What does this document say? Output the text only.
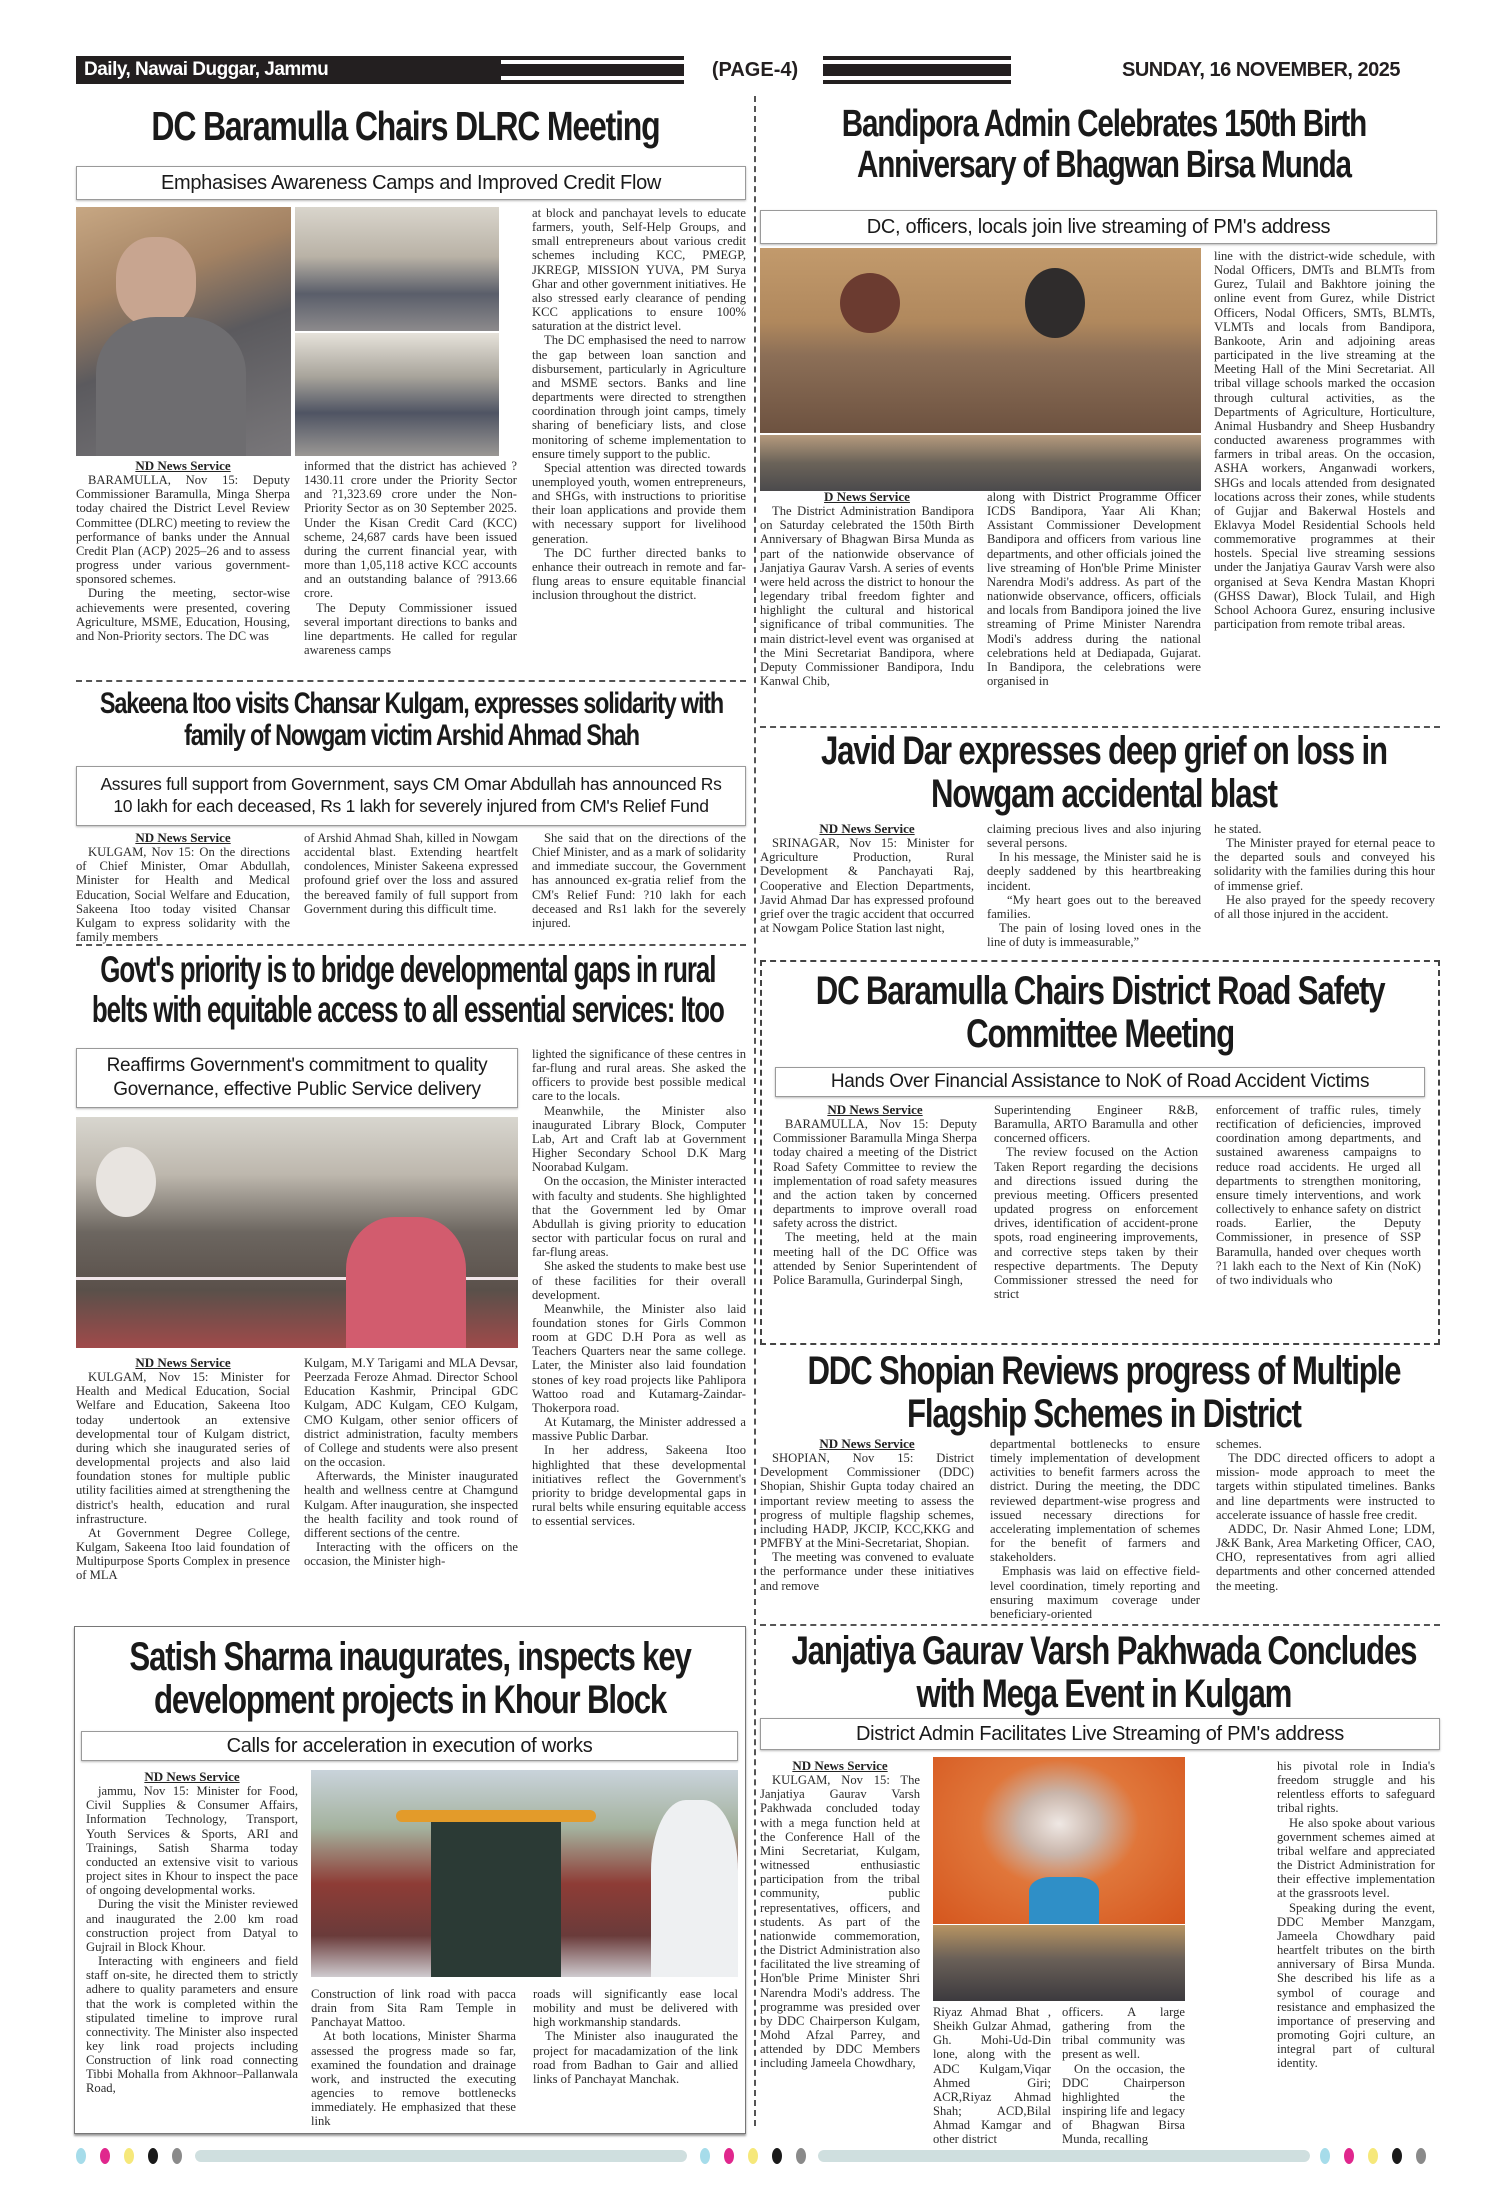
Daily, Nawai Duggar, Jammu	(PAGE-4)	SUNDAY, 16 NOVEMBER, 2025
DC Baramulla Chairs DLRC Meeting
Emphasises Awareness Camps and Improved Credit Flow

ND News Service

BARAMULLA, Nov 15: Deputy Commissioner Baramulla, Minga Sherpa today chaired the District Level Review Committee (DLRC) meeting to review the performance of banks under the Annual Credit Plan (ACP) 2025–26 and to assess progress under various government-sponsored schemes.

During the meeting, sector-wise achievements were presented, covering Agriculture, MSME, Education, Housing, and Non-Priority sectors. The DC was

informed that the district has achieved ?1430.11 crore under the Priority Sector and ?1,323.69 crore under the Non-Priority Sector as on 30 September 2025. Under the Kisan Credit Card (KCC) scheme, 24,687 cards have been issued during the current financial year, with more than 1,05,118 active KCC accounts and an outstanding balance of ?913.66 crore.

The Deputy Commissioner issued several important directions to banks and line departments. He called for regular awareness camps

at block and panchayat levels to educate farmers, youth, Self-Help Groups, and small entrepreneurs about various credit schemes including KCC, PMEGP, JKREGP, MISSION YUVA, PM Surya Ghar and other government initiatives. He also stressed early clearance of pending KCC applications to ensure 100% saturation at the district level.

The DC emphasised the need to narrow the gap between loan sanction and disbursement, particularly in Agriculture and MSME sectors. Banks and line departments were directed to strengthen coordination through joint camps, timely sharing of beneficiary lists, and close monitoring of scheme implementation to ensure timely support to the public.

Special attention was directed towards unemployed youth, women entrepreneurs, and SHGs, with instructions to prioritise their loan applications and provide them with necessary support for livelihood generation.

The DC further directed banks to enhance their outreach in remote and far-flung areas to ensure equitable financial inclusion throughout the district.

Bandipora Admin Celebrates 150th Birth Anniversary of Bhagwan Birsa Munda
DC, officers, locals join live streaming of PM's address

D News Service

The District Administration Bandipora on Saturday celebrated the 150th Birth Anniversary of Bhagwan Birsa Munda as part of the nationwide observance of Janjatiya Gaurav Varsh. A series of events were held across the district to honour the legendary tribal freedom fighter and highlight the cultural and historical significance of tribal communities. The main district-level event was organised at the Mini Secretariat Bandipora, where Deputy Commissioner Bandipora, Indu Kanwal Chib,

along with District Programme Officer ICDS Bandipora, Yaar Ali Khan; Assistant Commissioner Development Bandipora and officers from various line departments, and other officials joined the live streaming of Hon'ble Prime Minister Narendra Modi's address. As part of the nationwide observance, officers, officials and locals from Bandipora joined the live streaming of Prime Minister Narendra Modi's address during the national celebrations held at Dediapada, Gujarat. In Bandipora, the celebrations were organised in

line with the district-wide schedule, with Nodal Officers, DMTs and BLMTs from Gurez, Tulail and Bakhtore joining the online event from Gurez, while District Officers, Nodal Officers, SMTs, BLMTs, VLMTs and locals from Bandipora, Bankoote, Arin and adjoining areas participated in the live streaming at the Meeting Hall of the Mini Secretariat. All tribal village schools marked the occasion through cultural activities, as the Departments of Agriculture, Horticulture, Animal Husbandry and Sheep Husbandry conducted awareness programmes with farmers in tribal areas. On the occasion, ASHA workers, Anganwadi workers, SHGs and locals attended from designated locations across their zones, while students of Gujjar and Bakerwal Hostels and Eklavya Model Residential Schools held commemorative programmes at their hostels. Special live streaming sessions under the Janjatiya Gaurav Varsh were also organised at Seva Kendra Mastan Khopri (GHSS Dawar), Block Tulail, and High School Achoora Gurez, ensuring inclusive participation from remote tribal areas.

Sakeena Itoo visits Chansar Kulgam, expresses solidarity with family of Nowgam victim Arshid Ahmad Shah
Assures full support from Government, says CM Omar Abdullah has announced Rs 10 lakh for each deceased, Rs 1 lakh for severely injured from CM's Relief Fund

ND News Service

KULGAM, Nov 15: On the directions of Chief Minister, Omar Abdullah, Minister for Health and Medical Education, Social Welfare and Education, Sakeena Itoo today visited Chansar Kulgam to express solidarity with the family members

of Arshid Ahmad Shah, killed in Nowgam accidental blast. Extending heartfelt condolences, Minister Sakeena expressed profound grief over the loss and assured the bereaved family of full support from Government during this difficult time.

She said that on the directions of the Chief Minister, and as a mark of solidarity and immediate succour, the Government has announced ex-gratia relief from the CM's Relief Fund: ?10 lakh for each deceased and Rs1 lakh for the severely injured.

Javid Dar expresses deep grief on loss in Nowgam accidental blast

ND News Service

SRINAGAR, Nov 15: Minister for Agriculture Production, Rural Development & Panchayati Raj, Cooperative and Election Departments, Javid Ahmad Dar has expressed profound grief over the tragic accident that occurred at Nowgam Police Station last night,

claiming precious lives and also injuring several persons.

In his message, the Minister said he is deeply saddened by this heartbreaking incident.

“My heart goes out to the bereaved families.

The pain of losing loved ones in the line of duty is immeasurable,”

he stated.

The Minister prayed for eternal peace to the departed souls and conveyed his solidarity with the families during this hour of immense grief.

He also prayed for the speedy recovery of all those injured in the accident.

Govt's priority is to bridge developmental gaps in rural belts with equitable access to all essential services: Itoo
Reaffirms Government's commitment to quality Governance, effective Public Service delivery

ND News Service

KULGAM, Nov 15: Minister for Health and Medical Education, Social Welfare and Education, Sakeena Itoo today undertook an extensive developmental tour of Kulgam district, during which she inaugurated series of developmental projects and also laid foundation stones for multiple public utility facilities aimed at strengthening the district's health, education and rural infrastructure.

At Government Degree College, Kulgam, Sakeena Itoo laid foundation of Multipurpose Sports Complex in presence of MLA

Kulgam, M.Y Tarigami and MLA Devsar, Peerzada Feroze Ahmad. Director School Education Kashmir, Principal GDC Kulgam, ADC Kulgam, CEO Kulgam, CMO Kulgam, other senior officers of district administration, faculty members of College and students were also present on the occasion.

Afterwards, the Minister inaugurated health and wellness centre at Chamgund Kulgam. After inauguration, she inspected the health facility and took round of different sections of the centre.

Interacting with the officers on the occasion, the Minister high-

lighted the significance of these centres in far-flung and rural areas. She asked the officers to provide best possible medical care to the locals.

Meanwhile, the Minister also inaugurated Library Block, Computer Lab, Art and Craft lab at Government Higher Secondary School D.K Marg Noorabad Kulgam.

On the occasion, the Minister interacted with faculty and students. She highlighted that the Government led by Omar Abdullah is giving priority to education sector with particular focus on rural and far-flung areas.

She asked the students to make best use of these facilities for their overall development.

Meanwhile, the Minister also laid foundation stones for Girls Common room at GDC D.H Pora as well as Teachers Quarters near the same college. Later, the Minister also laid foundation stones of key road projects like Pahlipora Wattoo road and Kutamarg-Zaindar-Thokerpora road.

At Kutamarg, the Minister addressed a massive Public Darbar.

In her address, Sakeena Itoo highlighted that these developmental initiatives reflect the Government's priority to bridge developmental gaps in rural belts while ensuring equitable access to essential services.

DC Baramulla Chairs District Road Safety Committee Meeting
Hands Over Financial Assistance to NoK of Road Accident Victims

ND News Service

BARAMULLA, Nov 15: Deputy Commissioner Baramulla Minga Sherpa today chaired a meeting of the District Road Safety Committee to review the implementation of road safety measures and the action taken by concerned departments to improve overall road safety across the district.

The meeting, held at the main meeting hall of the DC Office was attended by Senior Superintendent of Police Baramulla, Gurinderpal Singh,

Superintending Engineer R&B, Baramulla, ARTO Baramulla and other concerned officers.

The review focused on the Action Taken Report regarding the decisions and directions issued during the previous meeting. Officers presented updated progress on enforcement drives, identification of accident-prone spots, road engineering improvements, and corrective steps taken by their respective departments. The Deputy Commissioner stressed the need for strict

enforcement of traffic rules, timely rectification of deficiencies, improved coordination among departments, and sustained awareness campaigns to reduce road accidents. He urged all departments to strengthen monitoring, ensure timely interventions, and work collectively to enhance safety on district roads. Earlier, the Deputy Commissioner, in presence of SSP Baramulla, handed over cheques worth ?1 lakh each to the Next of Kin (NoK) of two individuals who

DDC Shopian Reviews progress of Multiple Flagship Schemes in District

ND News Service

SHOPIAN, Nov 15: District Development Commissioner (DDC) Shopian, Shishir Gupta today chaired an important review meeting to assess the progress of multiple flagship schemes, including HADP, JKCIP, KCC,KKG and PMFBY at the Mini-Secretariat, Shopian.

The meeting was convened to evaluate the performance under these initiatives and remove

departmental bottlenecks to ensure timely implementation of development activities to benefit farmers across the district. During the meeting, the DDC reviewed department-wise progress and issued necessary directions for accelerating implementation of schemes for the benefit of farmers and stakeholders.

Emphasis was laid on effective field-level coordination, timely reporting and ensuring maximum coverage under beneficiary-oriented

schemes.

The DDC directed officers to adopt a mission- mode approach to meet the targets within stipulated timelines. Banks and line departments were instructed to accelerate issuance of hassle free credit.

ADDC, Dr. Nasir Ahmed Lone; LDM, J&K Bank, Area Marketing Officer, CAO, CHO, representatives from agri allied departments and other concerned attended the meeting.

Satish Sharma inaugurates, inspects key development projects in Khour Block
Calls for acceleration in execution of works

ND News Service

jammu, Nov 15: Minister for Food, Civil Supplies & Consumer Affairs, Information Technology, Transport, Youth Services & Sports, ARI and Trainings, Satish Sharma today conducted an extensive visit to various project sites in Khour to inspect the pace of ongoing developmental works.

During the visit the Minister reviewed and inaugurated the 2.00 km road construction project from Datyal to Gujrail in Block Khour.

Interacting with engineers and field staff on-site, he directed them to strictly adhere to quality parameters and ensure that the work is completed within the stipulated timeline to improve rural connectivity. The Minister also inspected key link road projects including Construction of link road connecting Tibbi Mohalla from Akhnoor–Pallanwala Road,

Construction of link road with pacca drain from Sita Ram Temple in Panchayat Mattoo.

At both locations, Minister Sharma assessed the progress made so far, examined the foundation and drainage work, and instructed the executing agencies to remove bottlenecks immediately. He emphasized that these link

roads will significantly ease local mobility and must be delivered with high workmanship standards.

The Minister also inaugurated the project for macadamization of the link road from Badhan to Gair and allied links of Panchayat Manchak.

Janjatiya Gaurav Varsh Pakhwada Concludes with Mega Event in Kulgam
District Admin Facilitates Live Streaming of PM's address

ND News Service

KULGAM, Nov 15: The Janjatiya Gaurav Varsh Pakhwada concluded today with a mega function held at the Conference Hall of the Mini Secretariat, Kulgam, witnessed enthusiastic participation from the tribal community, public representatives, officers, and students. As part of the nationwide commemoration, the District Administration also facilitated the live streaming of Hon'ble Prime Minister Shri Narendra Modi's address. The programme was presided over by DDC Chairperson Kulgam, Mohd Afzal Parrey, and attended by DDC Members including Jameela Chowdhary,

Riyaz Ahmad Bhat , Sheikh Gulzar Ahmad, Gh. Mohi-Ud-Din lone, along with the ADC Kulgam,Viqar Ahmed Giri; ACR,Riyaz Ahmad Shah; ACD,Bilal Ahmad Kamgar and other district

officers. A large gathering from the tribal community was present as well.

On the occasion, the DDC Chairperson highlighted the inspiring life and legacy of Bhagwan Birsa Munda, recalling

his pivotal role in India's freedom struggle and his relentless efforts to safeguard tribal rights.

He also spoke about various government schemes aimed at tribal welfare and appreciated the District Administration for their effective implementation at the grassroots level.

Speaking during the event, DDC Member Manzgam, Jameela Chowdhary paid heartfelt tributes on the birth anniversary of Birsa Munda. She described his life as a symbol of courage and resistance and emphasized the importance of preserving and promoting Gojri culture, an integral part of cultural identity.
